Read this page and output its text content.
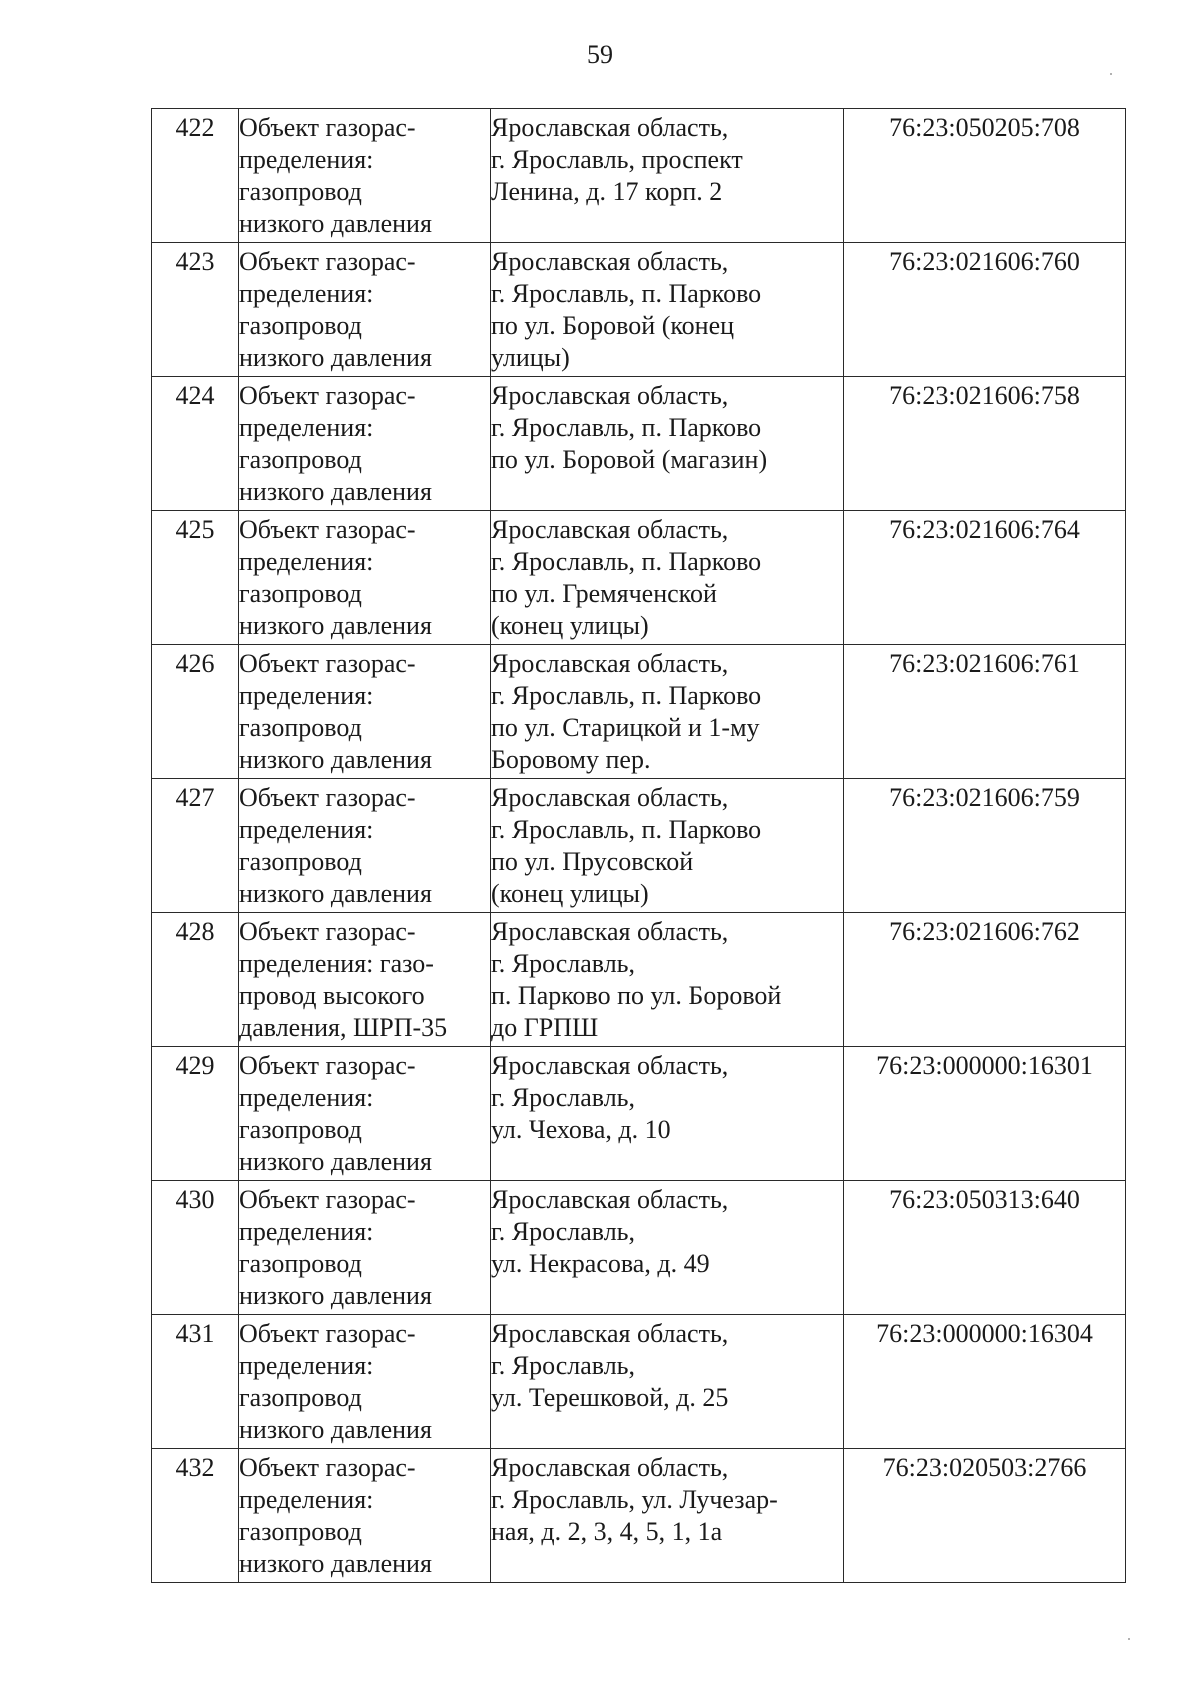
59
422	Объект газорас-
пределения:
газопровод
низкого давления	Ярославская область,
г. Ярославль, проспект
Ленина, д. 17 корп. 2	76:23:050205:708
423	Объект газорас-
пределения:
газопровод
низкого давления	Ярославская область,
г. Ярославль, п. Парково
по ул. Боровой (конец
улицы)	76:23:021606:760
424	Объект газорас-
пределения:
газопровод
низкого давления	Ярославская область,
г. Ярославль, п. Парково
по ул. Боровой (магазин)	76:23:021606:758
425	Объект газорас-
пределения:
газопровод
низкого давления	Ярославская область,
г. Ярославль, п. Парково
по ул. Гремяченской
(конец улицы)	76:23:021606:764
426	Объект газорас-
пределения:
газопровод
низкого давления	Ярославская область,
г. Ярославль, п. Парково
по ул. Старицкой и 1-му
Боровому пер.	76:23:021606:761
427	Объект газорас-
пределения:
газопровод
низкого давления	Ярославская область,
г. Ярославль, п. Парково
по ул. Прусовской
(конец улицы)	76:23:021606:759
428	Объект газорас-
пределения: газо-
провод высокого
давления, ШРП-35	Ярославская область,
г. Ярославль,
п. Парково по ул. Боровой
до ГРПШ	76:23:021606:762
429	Объект газорас-
пределения:
газопровод
низкого давления	Ярославская область,
г. Ярославль,
ул. Чехова, д. 10	76:23:000000:16301
430	Объект газорас-
пределения:
газопровод
низкого давления	Ярославская область,
г. Ярославль,
ул. Некрасова, д. 49	76:23:050313:640
431	Объект газорас-
пределения:
газопровод
низкого давления	Ярославская область,
г. Ярославль,
ул. Терешковой, д. 25	76:23:000000:16304
432	Объект газорас-
пределения:
газопровод
низкого давления	Ярославская область,
г. Ярославль, ул. Лучезар-
ная, д. 2, 3, 4, 5, 1, 1а	76:23:020503:2766
